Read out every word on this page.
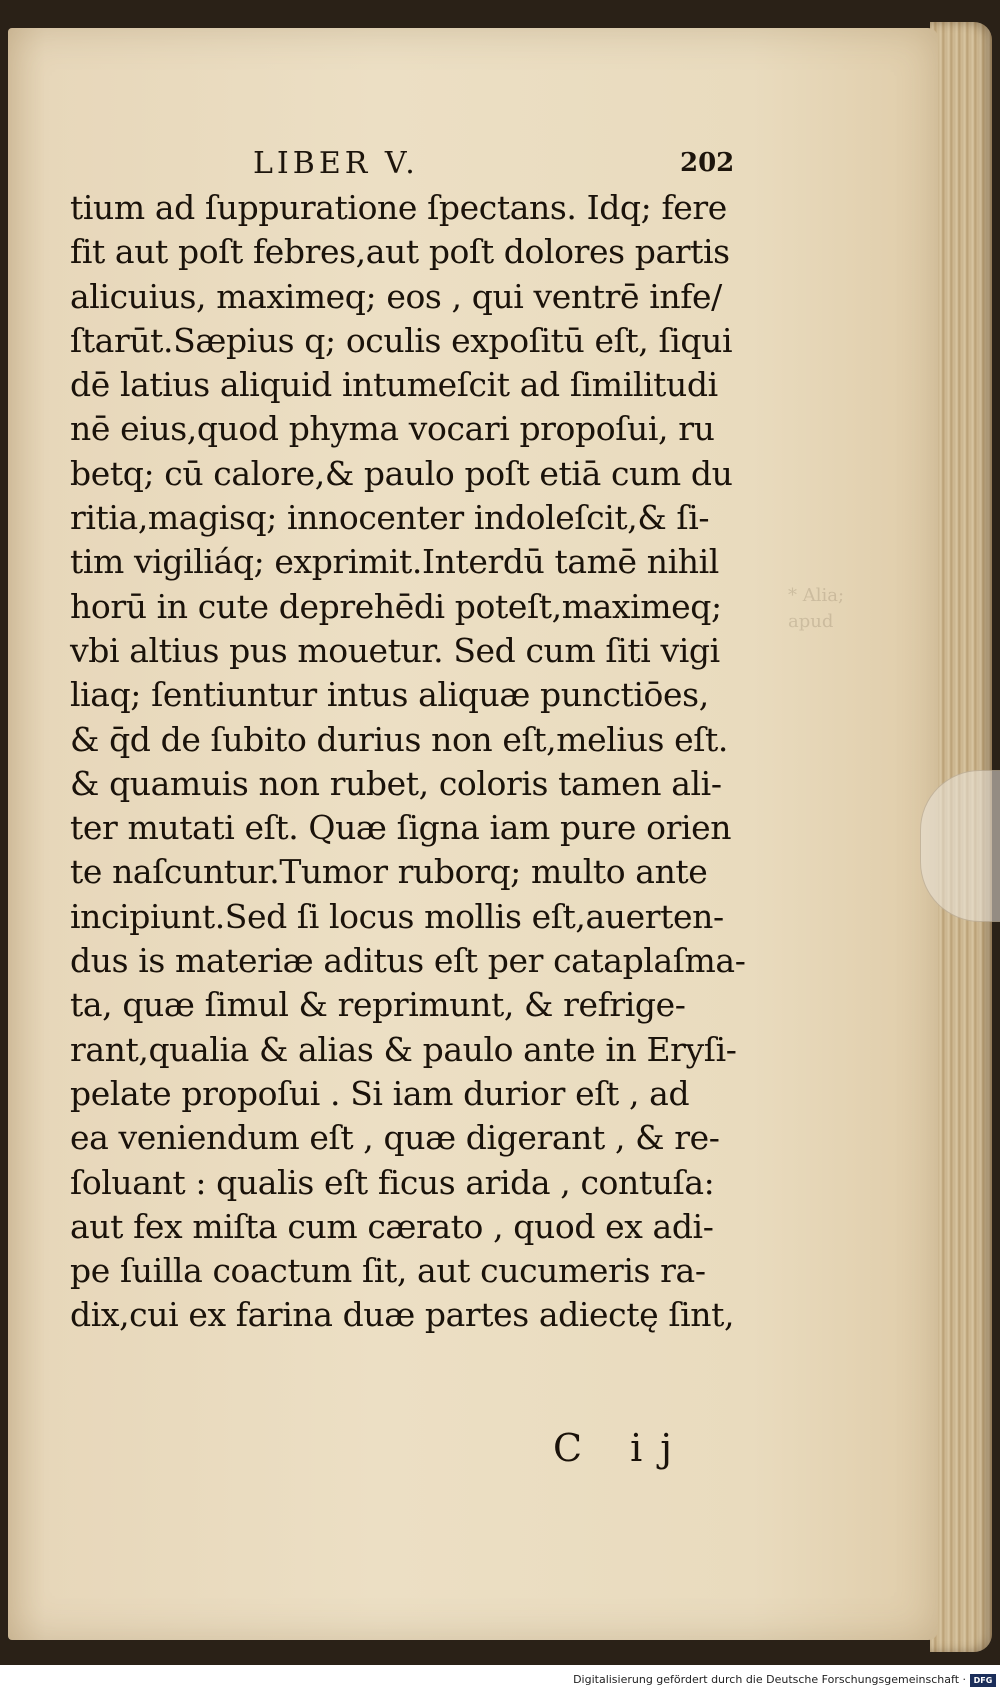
LIBER V.	202
* Alia;
apud
tium ad ſuppuratione ſpectans. Idq; fere
fit aut poſt febres,aut poſt dolores partis
alicuius, maximeq; eos , qui ventrē infe/
ſtarūt.Sæpius q; oculis expoſitū eſt, ſiqui
dē latius aliquid intumeſcit ad ſimilitudi
nē eius,quod phyma vocari propoſui, ru
betq; cū calore,& paulo poſt etiā cum du
ritia,magisq; innocenter indoleſcit,& ſi-
tim vigiliáq; exprimit.Interdū tamē nihil
horū in cute deprehēdi poteſt,maximeq;
vbi altius pus mouetur. Sed cum ſiti vigi
liaq; ſentiuntur intus aliquæ punctiōes,
& q̄d de ſubito durius non eſt,melius eſt.
& quamuis non rubet, coloris tamen ali-
ter mutati eſt. Quæ ſigna iam pure orien
te naſcuntur.Tumor ruborq; multo ante
incipiunt.Sed ſi locus mollis eſt,auerten-
dus is materiæ aditus eſt per cataplaſma-
ta, quæ ſimul & reprimunt, & refrige-
rant,qualia & alias & paulo ante in Eryſi-
pelate propoſui . Si iam durior eſt , ad
ea veniendum eſt , quæ digerant , & re-
ſoluant : qualis eſt ficus arida , contuſa:
aut fex miſta cum cærato , quod ex adi-
pe ſuilla coactum ſit, aut cucumeris ra-
dix,cui ex farina duæ partes adiectę ſint,
C ij
Digitalisierung gefördert durch die Deutsche Forschungsgemeinschaft · DFG
